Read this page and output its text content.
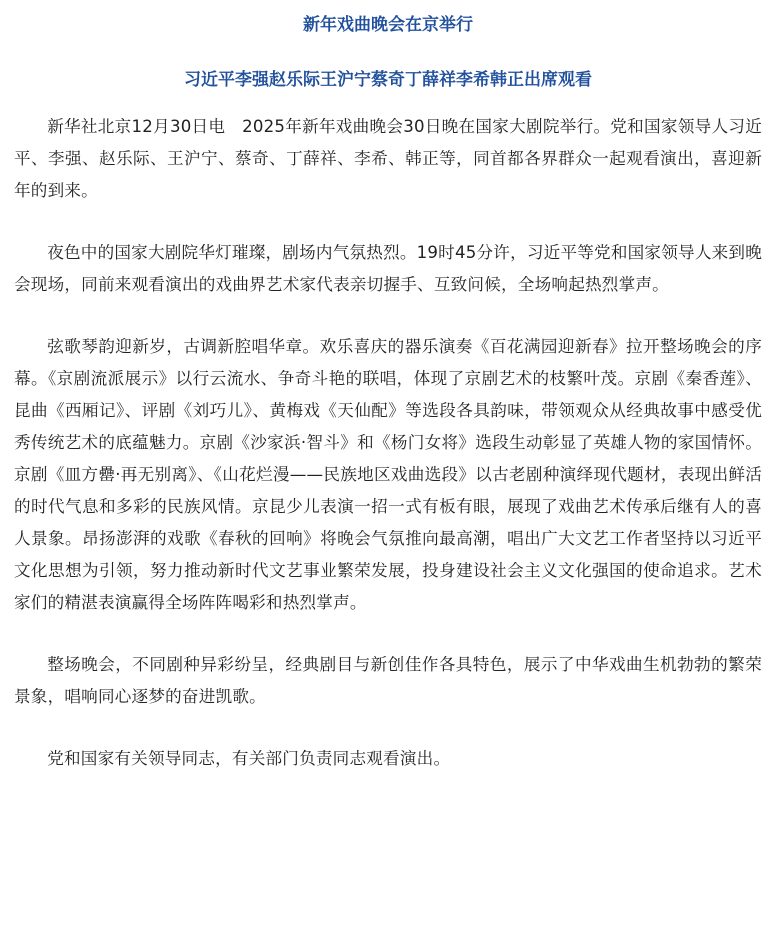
新年戏曲晚会在京举行
习近平李强赵乐际王沪宁蔡奇丁薛祥李希韩正出席观看

新华社北京12月30日电　2025年新年戏曲晚会30日晚在国家大剧院举行。党和国家领导人习近平、李强、赵乐际、王沪宁、蔡奇、丁薛祥、李希、韩正等，同首都各界群众一起观看演出，喜迎新年的到来。

夜色中的国家大剧院华灯璀璨，剧场内气氛热烈。19时45分许，习近平等党和国家领导人来到晚会现场，同前来观看演出的戏曲界艺术家代表亲切握手、互致问候，全场响起热烈掌声。

弦歌琴韵迎新岁，古调新腔唱华章。欢乐喜庆的器乐演奏《百花满园迎新春》拉开整场晚会的序幕。《京剧流派展示》以行云流水、争奇斗艳的联唱，体现了京剧艺术的枝繁叶茂。京剧《秦香莲》、昆曲《西厢记》、评剧《刘巧儿》、黄梅戏《天仙配》等选段各具韵味，带领观众从经典故事中感受优秀传统艺术的底蕴魅力。京剧《沙家浜·智斗》和《杨门女将》选段生动彰显了英雄人物的家国情怀。京剧《皿方罍·再无别离》、《山花烂漫——民族地区戏曲选段》以古老剧种演绎现代题材，表现出鲜活的时代气息和多彩的民族风情。京昆少儿表演一招一式有板有眼，展现了戏曲艺术传承后继有人的喜人景象。昂扬澎湃的戏歌《春秋的回响》将晚会气氛推向最高潮，唱出广大文艺工作者坚持以习近平文化思想为引领，努力推动新时代文艺事业繁荣发展，投身建设社会主义文化强国的使命追求。艺术家们的精湛表演赢得全场阵阵喝彩和热烈掌声。

整场晚会，不同剧种异彩纷呈，经典剧目与新创佳作各具特色，展示了中华戏曲生机勃勃的繁荣景象，唱响同心逐梦的奋进凯歌。

党和国家有关领导同志，有关部门负责同志观看演出。
